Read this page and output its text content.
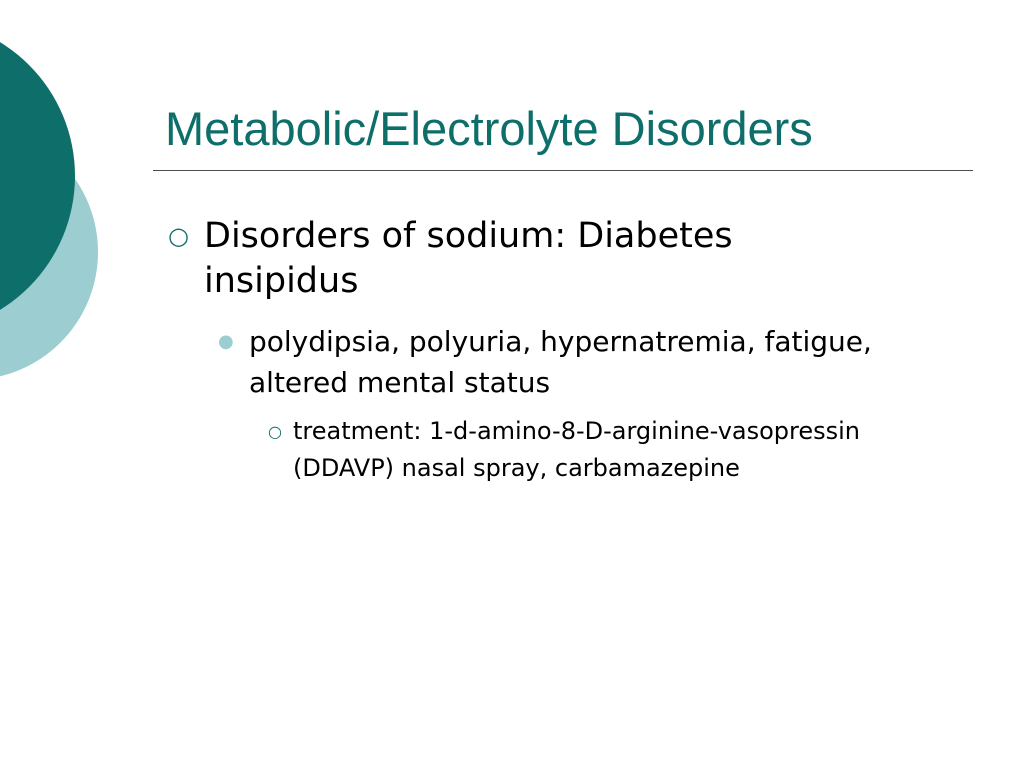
Metabolic/Electrolyte Disorders
○ Disorders of sodium: Diabetes insipidus
● polydipsia, polyuria, hypernatremia, fatigue, altered mental status
○ treatment: 1-d-amino-8-D-arginine-vasopressin (DDAVP) nasal spray, carbamazepine
